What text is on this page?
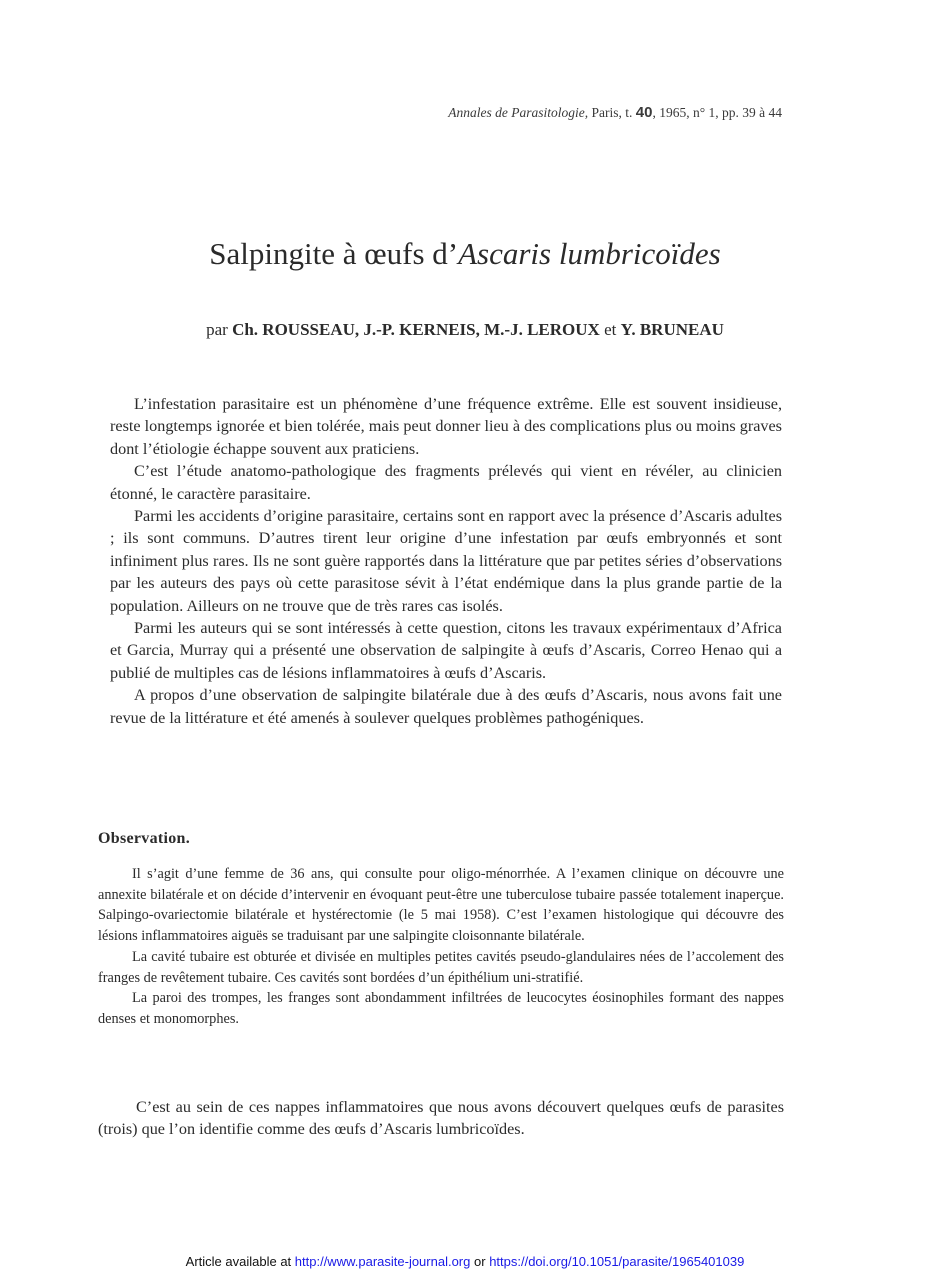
Annales de Parasitologie, Paris, t. 40, 1965, n° 1, pp. 39 à 44
Salpingite à œufs d’Ascaris lumbricoïdes
par Ch. ROUSSEAU, J.-P. KERNEIS, M.-J. LEROUX et Y. BRUNEAU

L’infestation parasitaire est un phénomène d’une fréquence extrême. Elle est souvent insidieuse, reste longtemps ignorée et bien tolérée, mais peut donner lieu à des complications plus ou moins graves dont l’étiologie échappe souvent aux praticiens.

C’est l’étude anatomo-pathologique des fragments prélevés qui vient en révéler, au clinicien étonné, le caractère parasitaire.

Parmi les accidents d’origine parasitaire, certains sont en rapport avec la présence d’Ascaris adultes ; ils sont communs. D’autres tirent leur origine d’une infestation par œufs embryonnés et sont infiniment plus rares. Ils ne sont guère rapportés dans la littérature que par petites séries d’observations par les auteurs des pays où cette parasitose sévit à l’état endémique dans la plus grande partie de la population. Ailleurs on ne trouve que de très rares cas isolés.

Parmi les auteurs qui se sont intéressés à cette question, citons les travaux expérimentaux d’Africa et Garcia, Murray qui a présenté une observation de salpingite à œufs d’Ascaris, Correo Henao qui a publié de multiples cas de lésions inflammatoires à œufs d’Ascaris.

A propos d’une observation de salpingite bilatérale due à des œufs d’Ascaris, nous avons fait une revue de la littérature et été amenés à soulever quelques problèmes pathogéniques.

Observation.

Il s’agit d’une femme de 36 ans, qui consulte pour oligo-ménorrhée. A l’examen clinique on découvre une annexite bilatérale et on décide d’intervenir en évoquant peut-être une tuberculose tubaire passée totalement inaperçue. Salpingo-ovariectomie bilatérale et hystérectomie (le 5 mai 1958). C’est l’examen histologique qui découvre des lésions inflammatoires aiguës se traduisant par une salpingite cloisonnante bilatérale.

La cavité tubaire est obturée et divisée en multiples petites cavités pseudo-glandulaires nées de l’accolement des franges de revêtement tubaire. Ces cavités sont bordées d’un épithélium uni-stratifié.

La paroi des trompes, les franges sont abondamment infiltrées de leucocytes éosinophiles formant des nappes denses et monomorphes.

C’est au sein de ces nappes inflammatoires que nous avons découvert quelques œufs de parasites (trois) que l’on identifie comme des œufs d’Ascaris lumbricoïdes.

Article available at http://www.parasite-journal.org or https://doi.org/10.1051/parasite/1965401039
